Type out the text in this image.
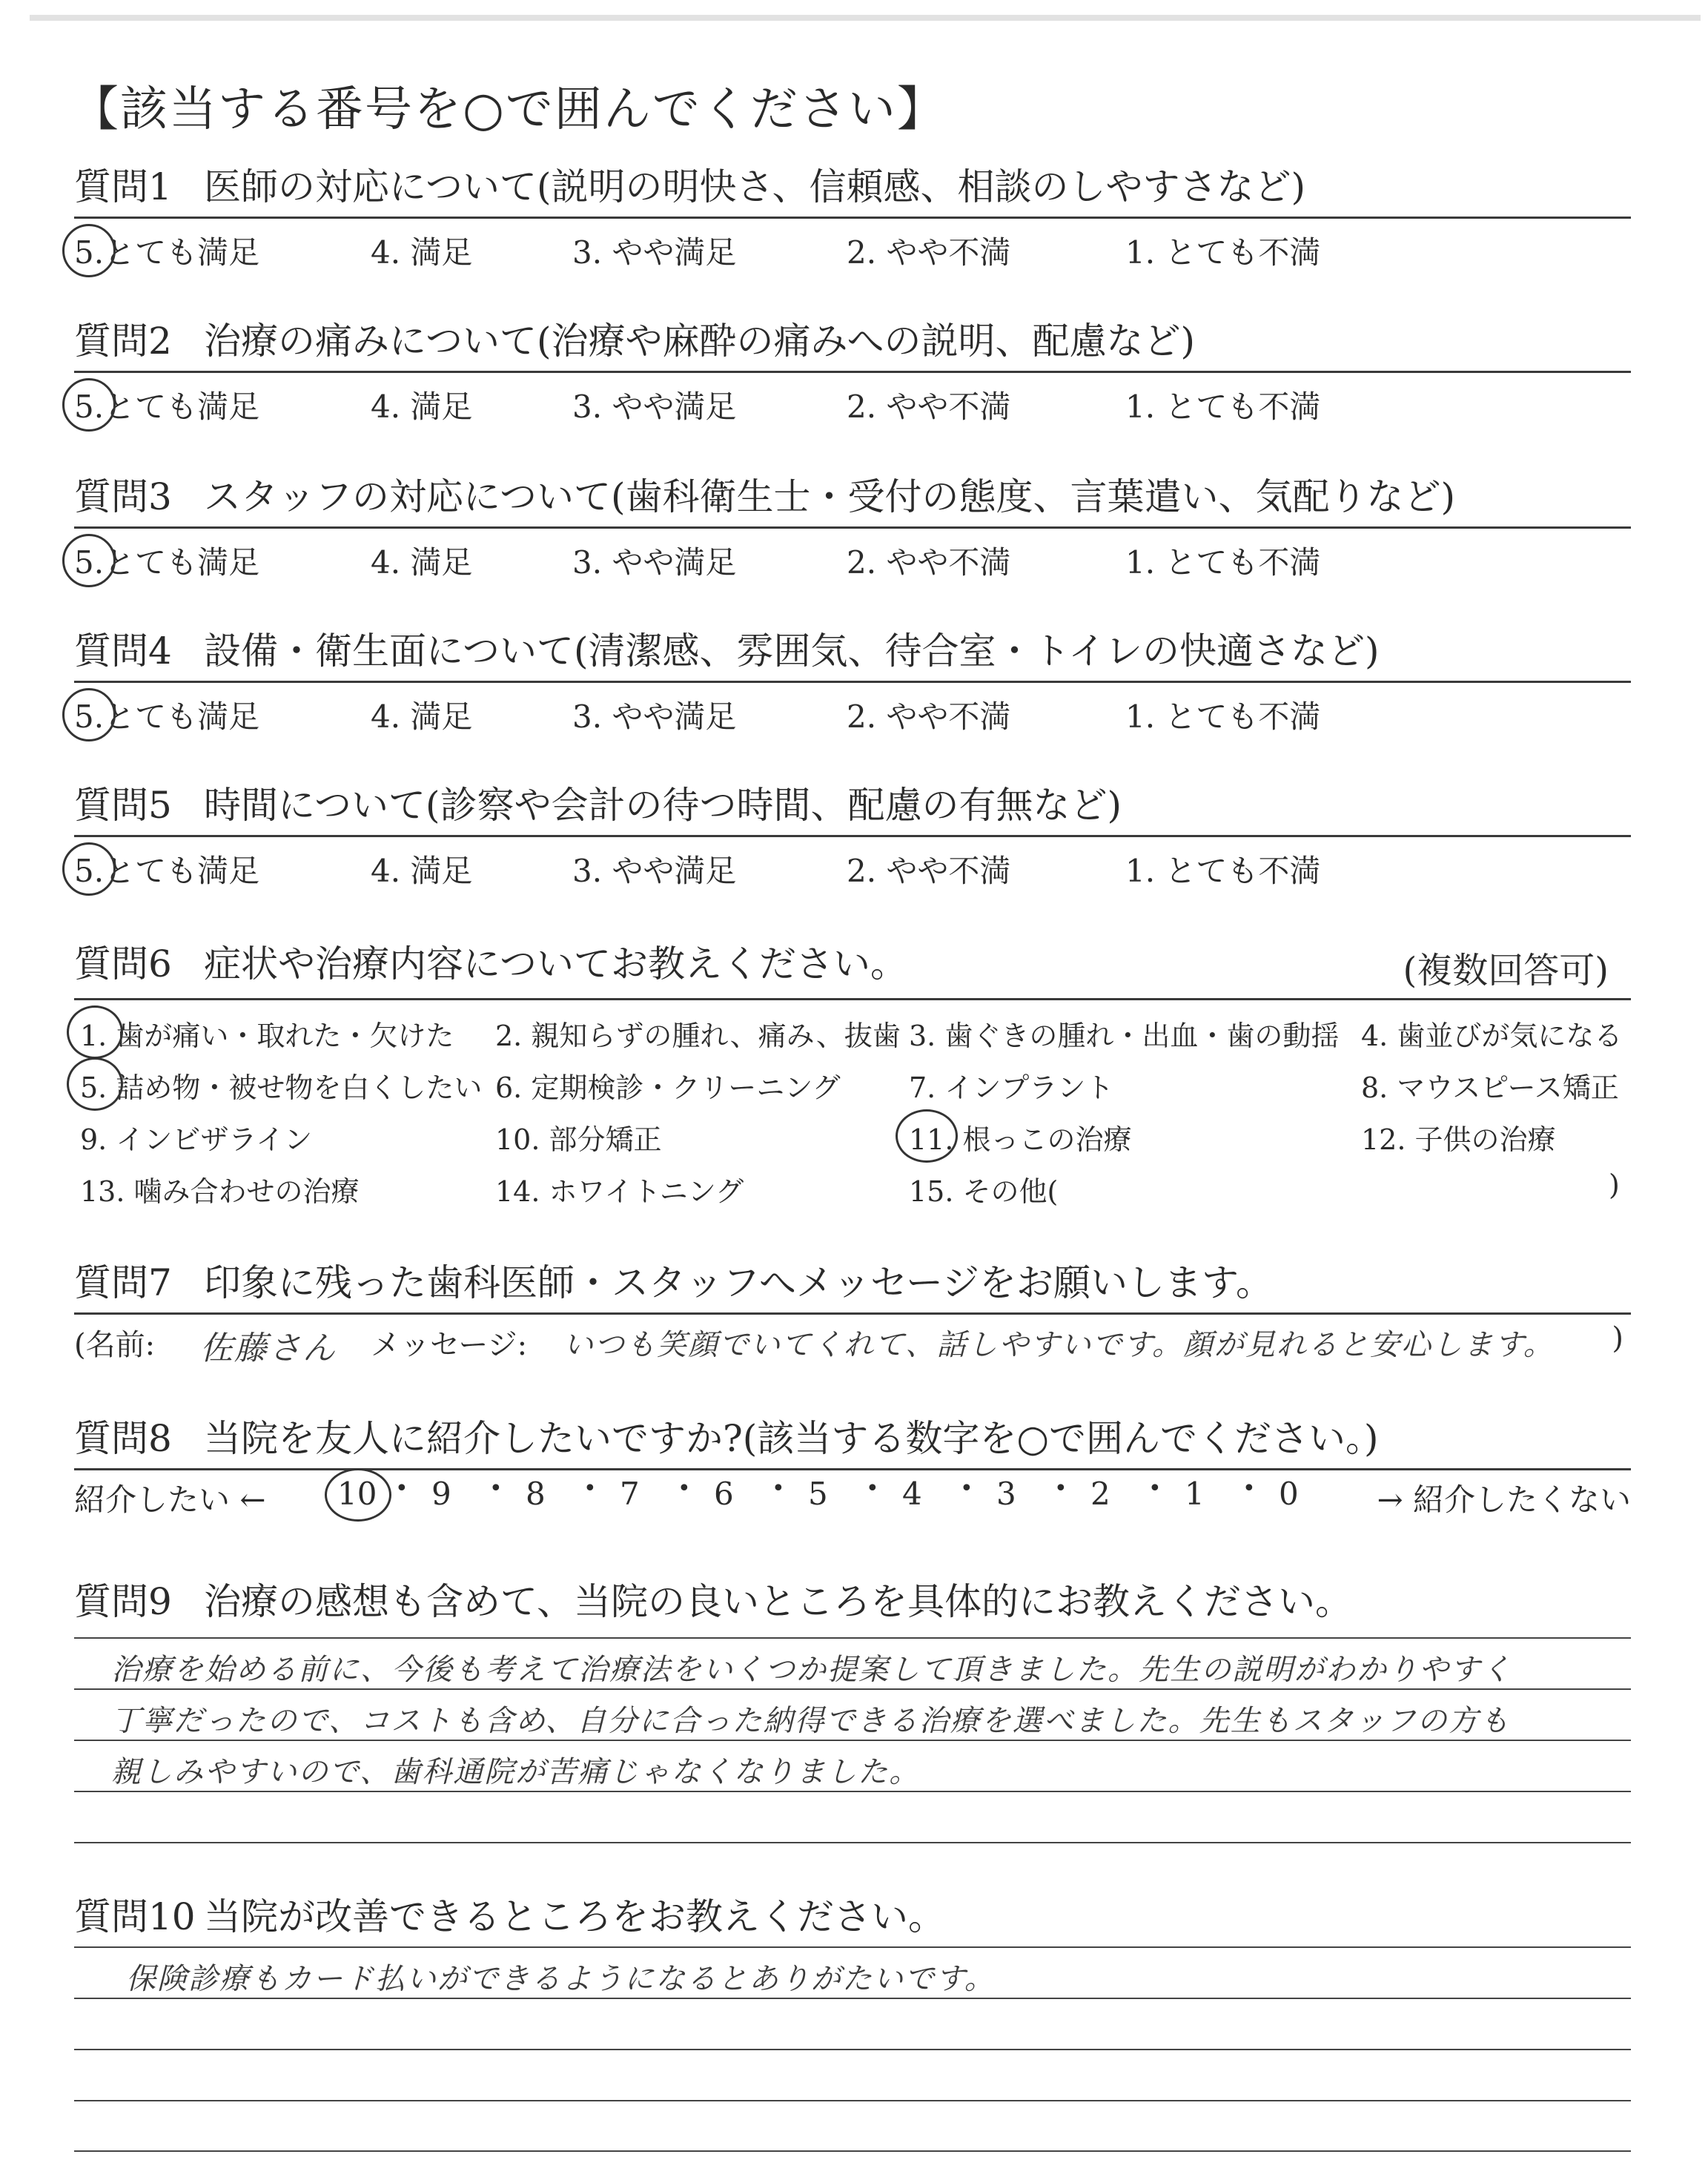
【該当する番号を○で囲んでください】
質問1 医師の対応について(説明の明快さ、信頼感、相談のしやすさなど)
5.とても満足	4. 満足	3. やや満足	2. やや不満	1. とても不満
質問2 治療の痛みについて(治療や麻酔の痛みへの説明、配慮など)
5.とても満足	4. 満足	3. やや満足	2. やや不満	1. とても不満
質問3 スタッフの対応について(歯科衛生士・受付の態度、言葉遣い、気配りなど)
5.とても満足	4. 満足	3. やや満足	2. やや不満	1. とても不満
質問4 設備・衛生面について(清潔感、雰囲気、待合室・トイレの快適さなど)
5.とても満足	4. 満足	3. やや満足	2. やや不満	1. とても不満
質問5 時間について(診察や会計の待つ時間、配慮の有無など)
5.とても満足	4. 満足	3. やや満足	2. やや不満	1. とても不満
質問6 症状や治療内容についてお教えください。	(複数回答可)
1. 歯が痛い・取れた・欠けた 2. 親知らずの腫れ、痛み、抜歯 3. 歯ぐきの腫れ・出血・歯の動揺 4. 歯並びが気になる
5. 詰め物・被せ物を白くしたい 6. 定期検診・クリーニング 7. インプラント	8. マウスピース矯正
9. インビザライン	10. 部分矯正	11. 根っこの治療	12. 子供の治療
13. 噛み合わせの治療	14. ホワイトニング	15. その他(	)
質問7 印象に残った歯科医師・スタッフへメッセージをお願いします。
(名前: 佐藤さん メッセージ: いつも笑顔でいてくれて、話しやすいです。顔が見れると安心します。 )
質問8 当院を友人に紹介したいですか?(該当する数字を○で囲んでください。)
紹介したい ←	→ 紹介したくない
10 • 9 • 8 • 7 • 6 • 5 • 4 • 3 • 2 • 1 • 0
質問9 治療の感想も含めて、当院の良いところを具体的にお教えください。
治療を始める前に、今後も考えて治療法をいくつか提案して頂きました。先生の説明がわかりやすく
丁寧だったので、コストも含め、自分に合った納得できる治療を選べました。先生もスタッフの方も
親しみやすいので、歯科通院が苦痛じゃなくなりました。
質問10 当院が改善できるところをお教えください。
保険診療もカード払いができるようになるとありがたいです。
